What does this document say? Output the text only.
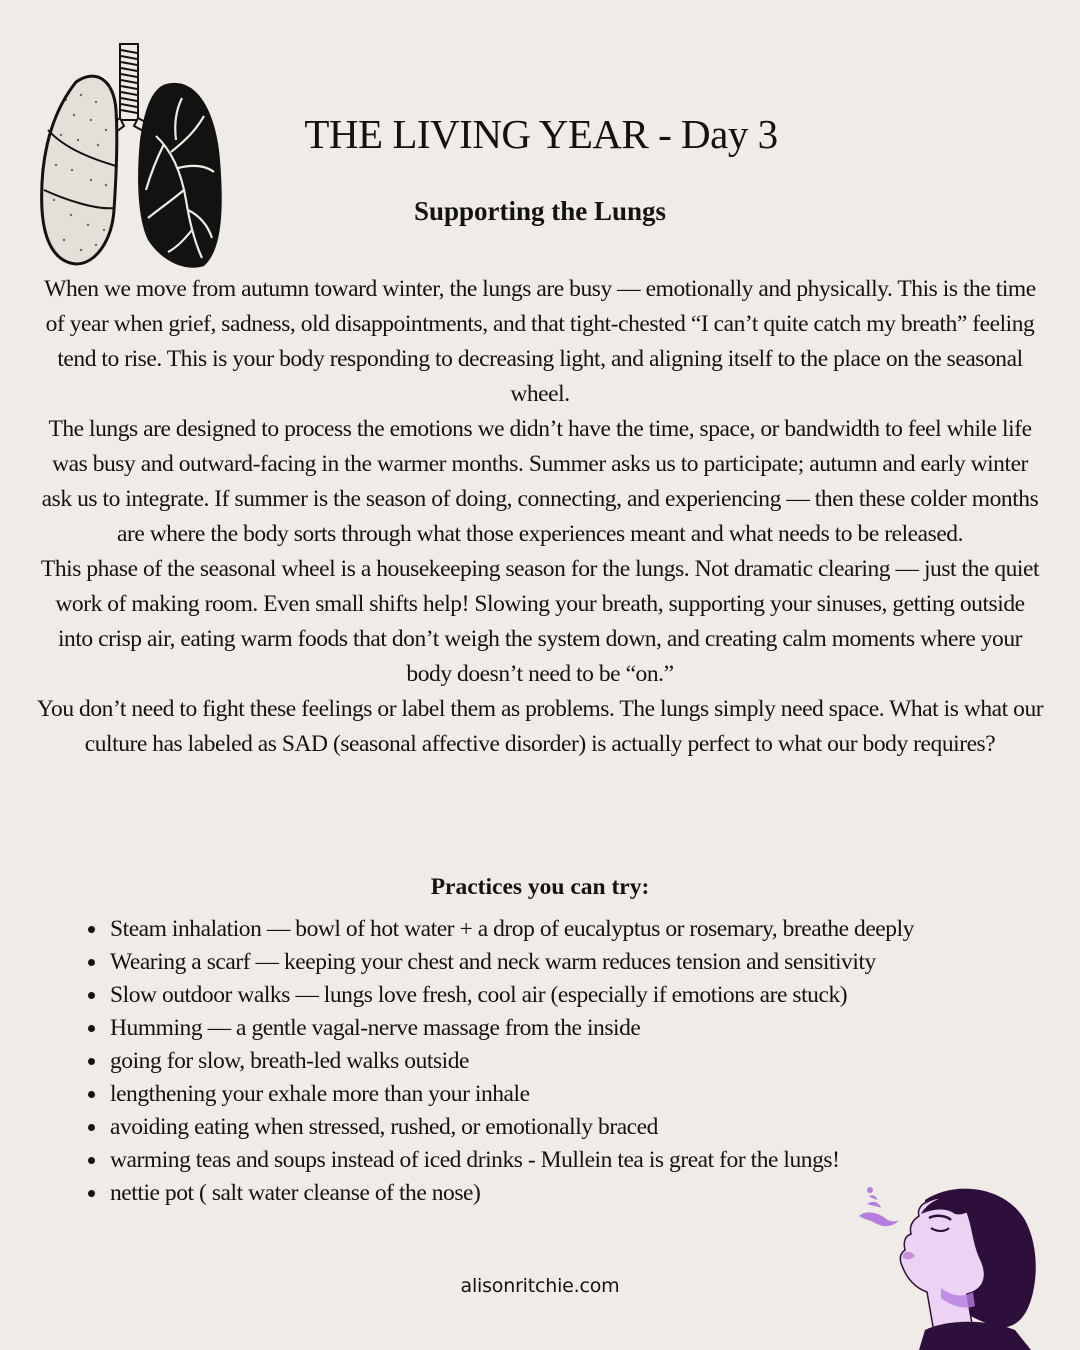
THE LIVING YEAR - Day 3
Supporting the Lungs

When we move from autumn toward winter, the lungs are busy — emotionally and physically. This is the time of year when grief, sadness, old disappointments, and that tight-chested “I can’t quite catch my breath” feeling tend to rise. This is your body responding to decreasing light, and aligning itself to the place on the seasonal wheel.

The lungs are designed to process the emotions we didn’t have the time, space, or bandwidth to feel while life was busy and outward-facing in the warmer months. Summer asks us to participate; autumn and early winter ask us to integrate. If summer is the season of doing, connecting, and experiencing — then these colder months are where the body sorts through what those experiences meant and what needs to be released.

This phase of the seasonal wheel is a housekeeping season for the lungs. Not dramatic clearing — just the quiet work of making room. Even small shifts help! Slowing your breath, supporting your sinuses, getting outside into crisp air, eating warm foods that don’t weigh the system down, and creating calm moments where your body doesn’t need to be “on.”

You don’t need to fight these feelings or label them as problems. The lungs simply need space. What is what our culture has labeled as SAD (seasonal affective disorder) is actually perfect to what our body requires?

Practices you can try:
Steam inhalation — bowl of hot water + a drop of eucalyptus or rosemary, breathe deeply
Wearing a scarf — keeping your chest and neck warm reduces tension and sensitivity
Slow outdoor walks — lungs love fresh, cool air (especially if emotions are stuck)
Humming — a gentle vagal-nerve massage from the inside
going for slow, breath-led walks outside
lengthening your exhale more than your inhale
avoiding eating when stressed, rushed, or emotionally braced
warming teas and soups instead of iced drinks - Mullein tea is great for the lungs!
nettie pot ( salt water cleanse of the nose)
alisonritchie.com
